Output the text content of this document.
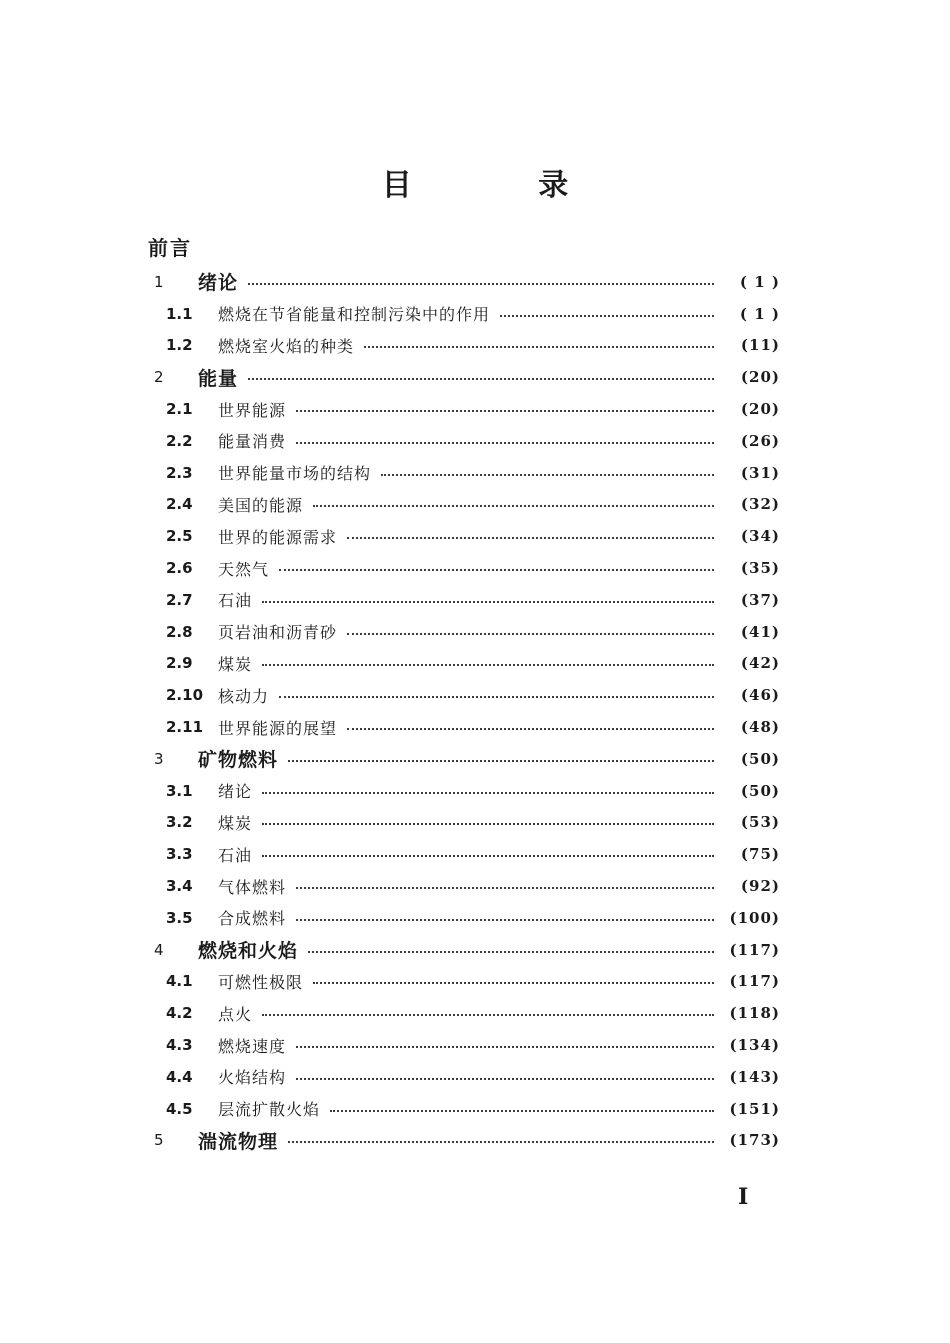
目 录
前言
1	绪论	( 1 )
1.1	燃烧在节省能量和控制污染中的作用	( 1 )
1.2	燃烧室火焰的种类	(11)
2	能量	(20)
2.1	世界能源	(20)
2.2	能量消费	(26)
2.3	世界能量市场的结构	(31)
2.4	美国的能源	(32)
2.5	世界的能源需求	(34)
2.6	天然气	(35)
2.7	石油	(37)
2.8	页岩油和沥青砂	(41)
2.9	煤炭	(42)
2.10 核动力	(46)
2.11 世界能源的展望	(48)
3	矿物燃料	(50)
3.1	绪论	(50)
3.2	煤炭	(53)
3.3	石油	(75)
3.4	气体燃料	(92)
3.5	合成燃料	(100)
4	燃烧和火焰	(117)
4.1	可燃性极限	(117)
4.2	点火	(118)
4.3	燃烧速度	(134)
4.4	火焰结构	(143)
4.5	层流扩散火焰	(151)
5	湍流物理	(173)
I
